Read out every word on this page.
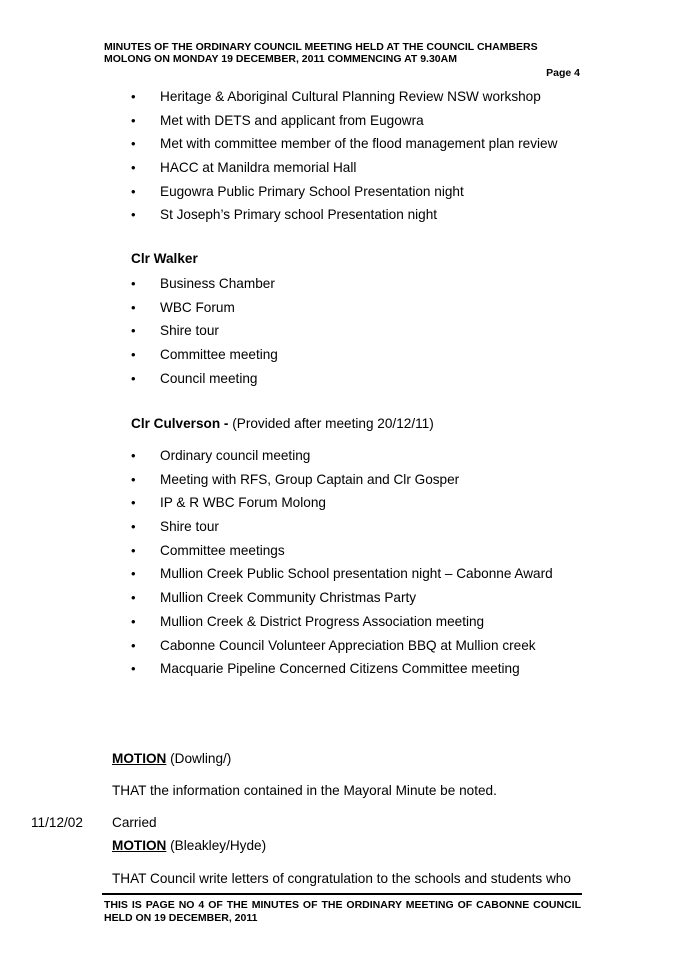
MINUTES OF THE ORDINARY COUNCIL MEETING HELD AT THE COUNCIL CHAMBERS
MOLONG ON MONDAY 19 DECEMBER, 2011 COMMENCING AT 9.30AM
Page 4
• Heritage & Aboriginal Cultural Planning Review NSW workshop
• Met with DETS and applicant from Eugowra
• Met with committee member of the flood management plan review
• HACC at Manildra memorial Hall
• Eugowra Public Primary School Presentation night
• St Joseph’s Primary school Presentation night
Clr Walker
• Business Chamber
• WBC Forum
• Shire tour
• Committee meeting
• Council meeting
Clr Culverson - (Provided after meeting 20/12/11)
• Ordinary council meeting
• Meeting with RFS, Group Captain and Clr Gosper
• IP & R WBC Forum Molong
• Shire tour
• Committee meetings
• Mullion Creek Public School presentation night – Cabonne Award
• Mullion Creek Community Christmas Party
• Mullion Creek & District Progress Association meeting
• Cabonne Council Volunteer Appreciation BBQ at Mullion creek
• Macquarie Pipeline Concerned Citizens Committee meeting
MOTION (Dowling/)
THAT the information contained in the Mayoral Minute be noted.
11/12/02 Carried
MOTION (Bleakley/Hyde)
THAT Council write letters of congratulation to the schools and students who
THIS IS PAGE NO 4 OF THE MINUTES OF THE ORDINARY MEETING OF CABONNE COUNCIL HELD ON 19 DECEMBER, 2011
